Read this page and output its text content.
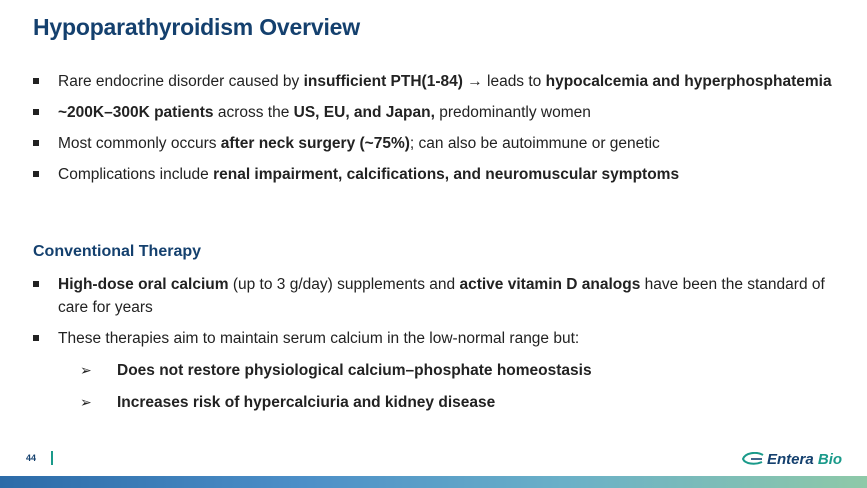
Hypoparathyroidism Overview
Rare endocrine disorder caused by insufficient PTH(1-84) → leads to hypocalcemia and hyperphosphatemia
~200K–300K patients across the US, EU, and Japan, predominantly women
Most commonly occurs after neck surgery (~75%); can also be autoimmune or genetic
Complications include renal impairment, calcifications, and neuromuscular symptoms
Conventional Therapy
High-dose oral calcium (up to 3 g/day) supplements and active vitamin D analogs have been the standard of care for years
These therapies aim to maintain serum calcium in the low-normal range but:
➢ Does not restore physiological calcium–phosphate homeostasis
➢ Increases risk of hypercalciuria and kidney disease
44	Entera Bio
